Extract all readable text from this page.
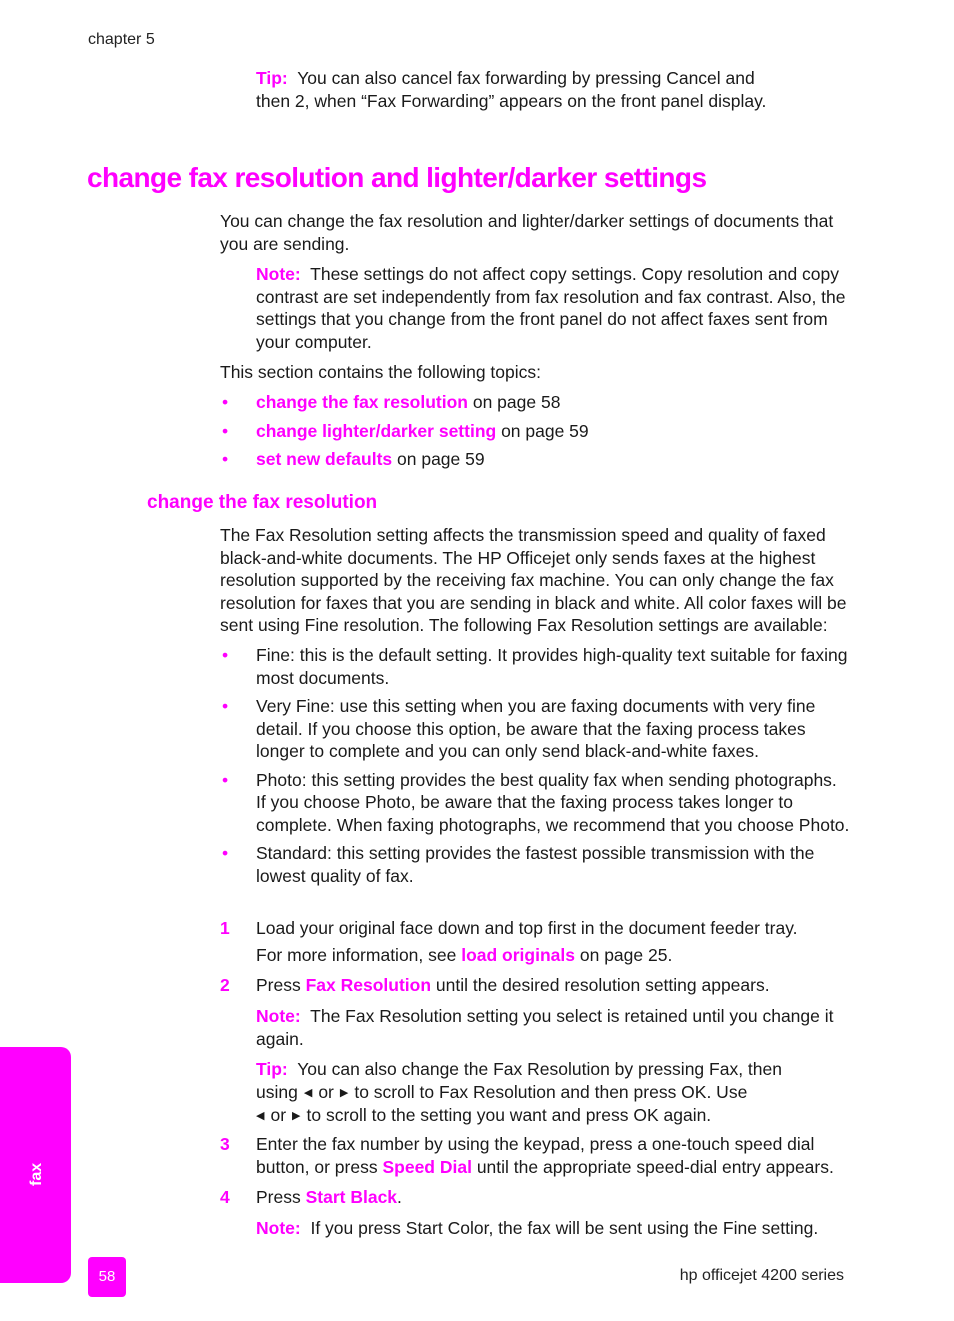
chapter 5
Tip: You can also cancel fax forwarding by pressing Cancel and then 2, when “Fax Forwarding” appears on the front panel display.
change fax resolution and lighter/darker settings
You can change the fax resolution and lighter/darker settings of documents that you are sending.
Note: These settings do not affect copy settings. Copy resolution and copy contrast are set independently from fax resolution and fax contrast. Also, the settings that you change from the front panel do not affect faxes sent from your computer.
This section contains the following topics:
• change the fax resolution on page 58
• change lighter/darker setting on page 59
• set new defaults on page 59
change the fax resolution
The Fax Resolution setting affects the transmission speed and quality of faxed black-and-white documents. The HP Officejet only sends faxes at the highest resolution supported by the receiving fax machine. You can only change the fax resolution for faxes that you are sending in black and white. All color faxes will be sent using Fine resolution. The following Fax Resolution settings are available:
• Fine: this is the default setting. It provides high-quality text suitable for faxing most documents.
• Very Fine: use this setting when you are faxing documents with very fine detail. If you choose this option, be aware that the faxing process takes longer to complete and you can only send black-and-white faxes.
• Photo: this setting provides the best quality fax when sending photographs. If you choose Photo, be aware that the faxing process takes longer to complete. When faxing photographs, we recommend that you choose Photo.
• Standard: this setting provides the fastest possible transmission with the lowest quality of fax.
1 Load your original face down and top first in the document feeder tray.
For more information, see load originals on page 25.
2 Press Fax Resolution until the desired resolution setting appears.
Note: The Fax Resolution setting you select is retained until you change it again.
Tip: You can also change the Fax Resolution by pressing Fax, then
using ◀ or ▶ to scroll to Fax Resolution and then press OK. Use
◀ or ▶ to scroll to the setting you want and press OK again.
3 Enter the fax number by using the keypad, press a one-touch speed dial button, or press Speed Dial until the appropriate speed-dial entry appears.
4 Press Start Black.
Note: If you press Start Color, the fax will be sent using the Fine setting.
fax
58	hp officejet 4200 series
